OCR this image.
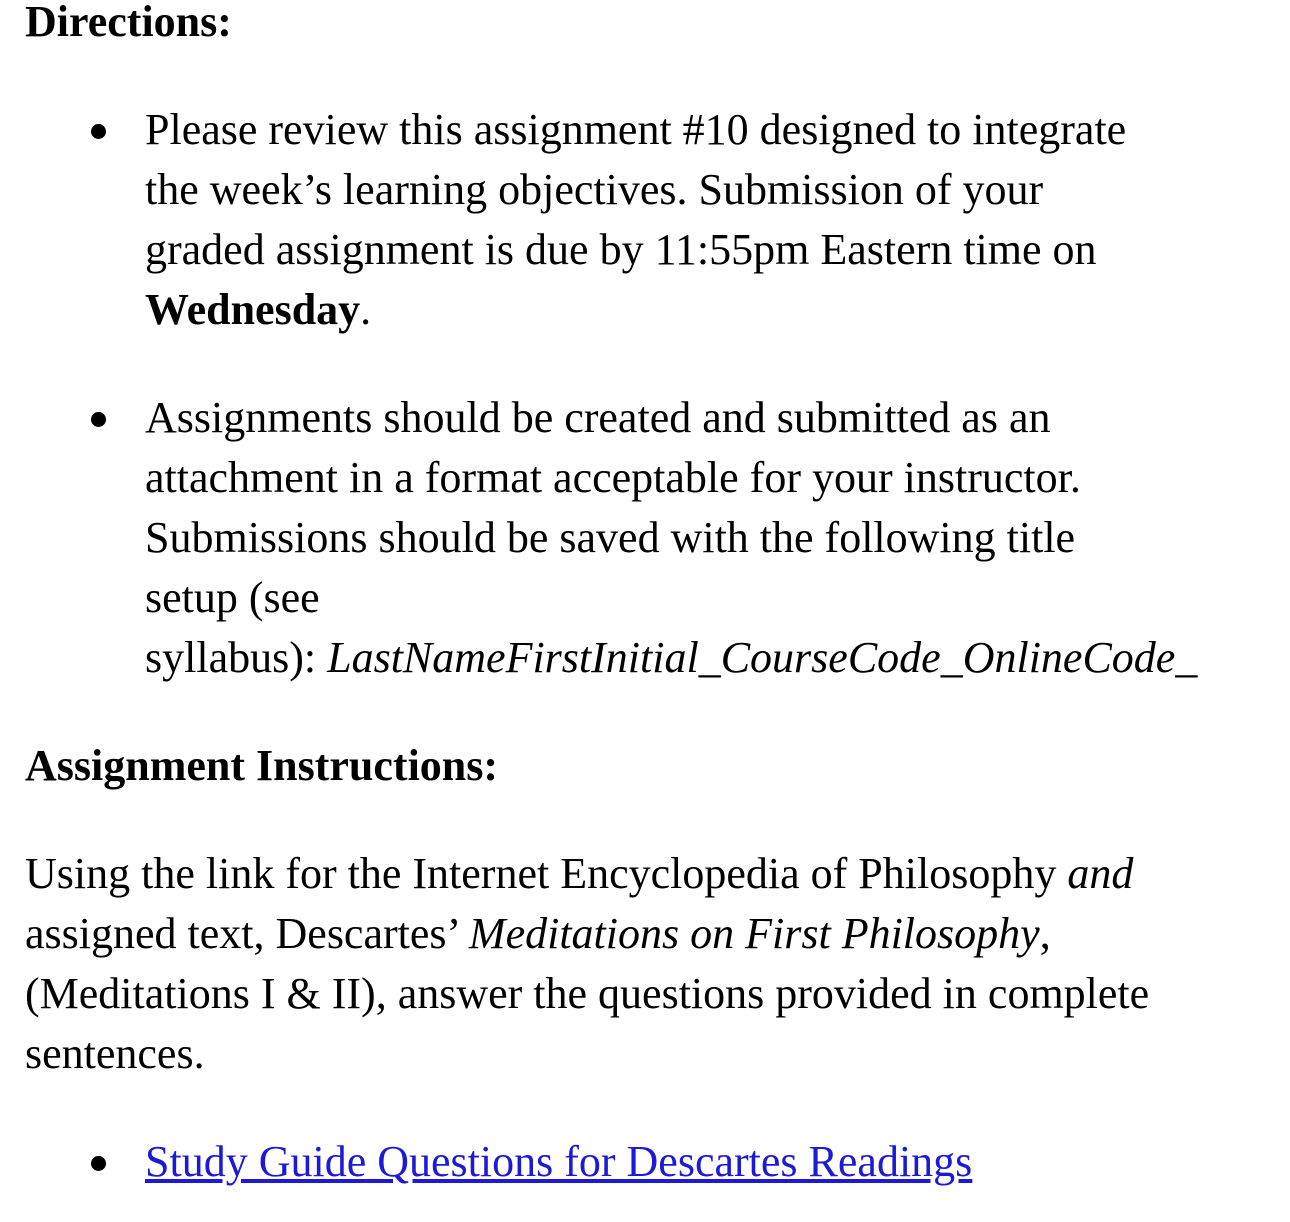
Directions:
Please review this assignment #10 designed to integrate
the week’s learning objectives. Submission of your
graded assignment is due by 11:55pm Eastern time on
Wednesday.
Assignments should be created and submitted as an
attachment in a format acceptable for your instructor.
Submissions should be saved with the following title
setup (see
syllabus): LastNameFirstInitial_CourseCode_OnlineCode_
Assignment Instructions:

Using the link for the Internet Encyclopedia of Philosophy and
assigned text, Descartes’ Meditations on First Philosophy,
(Meditations I & II), answer the questions provided in complete
sentences.

Study Guide Questions for Descartes Readings
